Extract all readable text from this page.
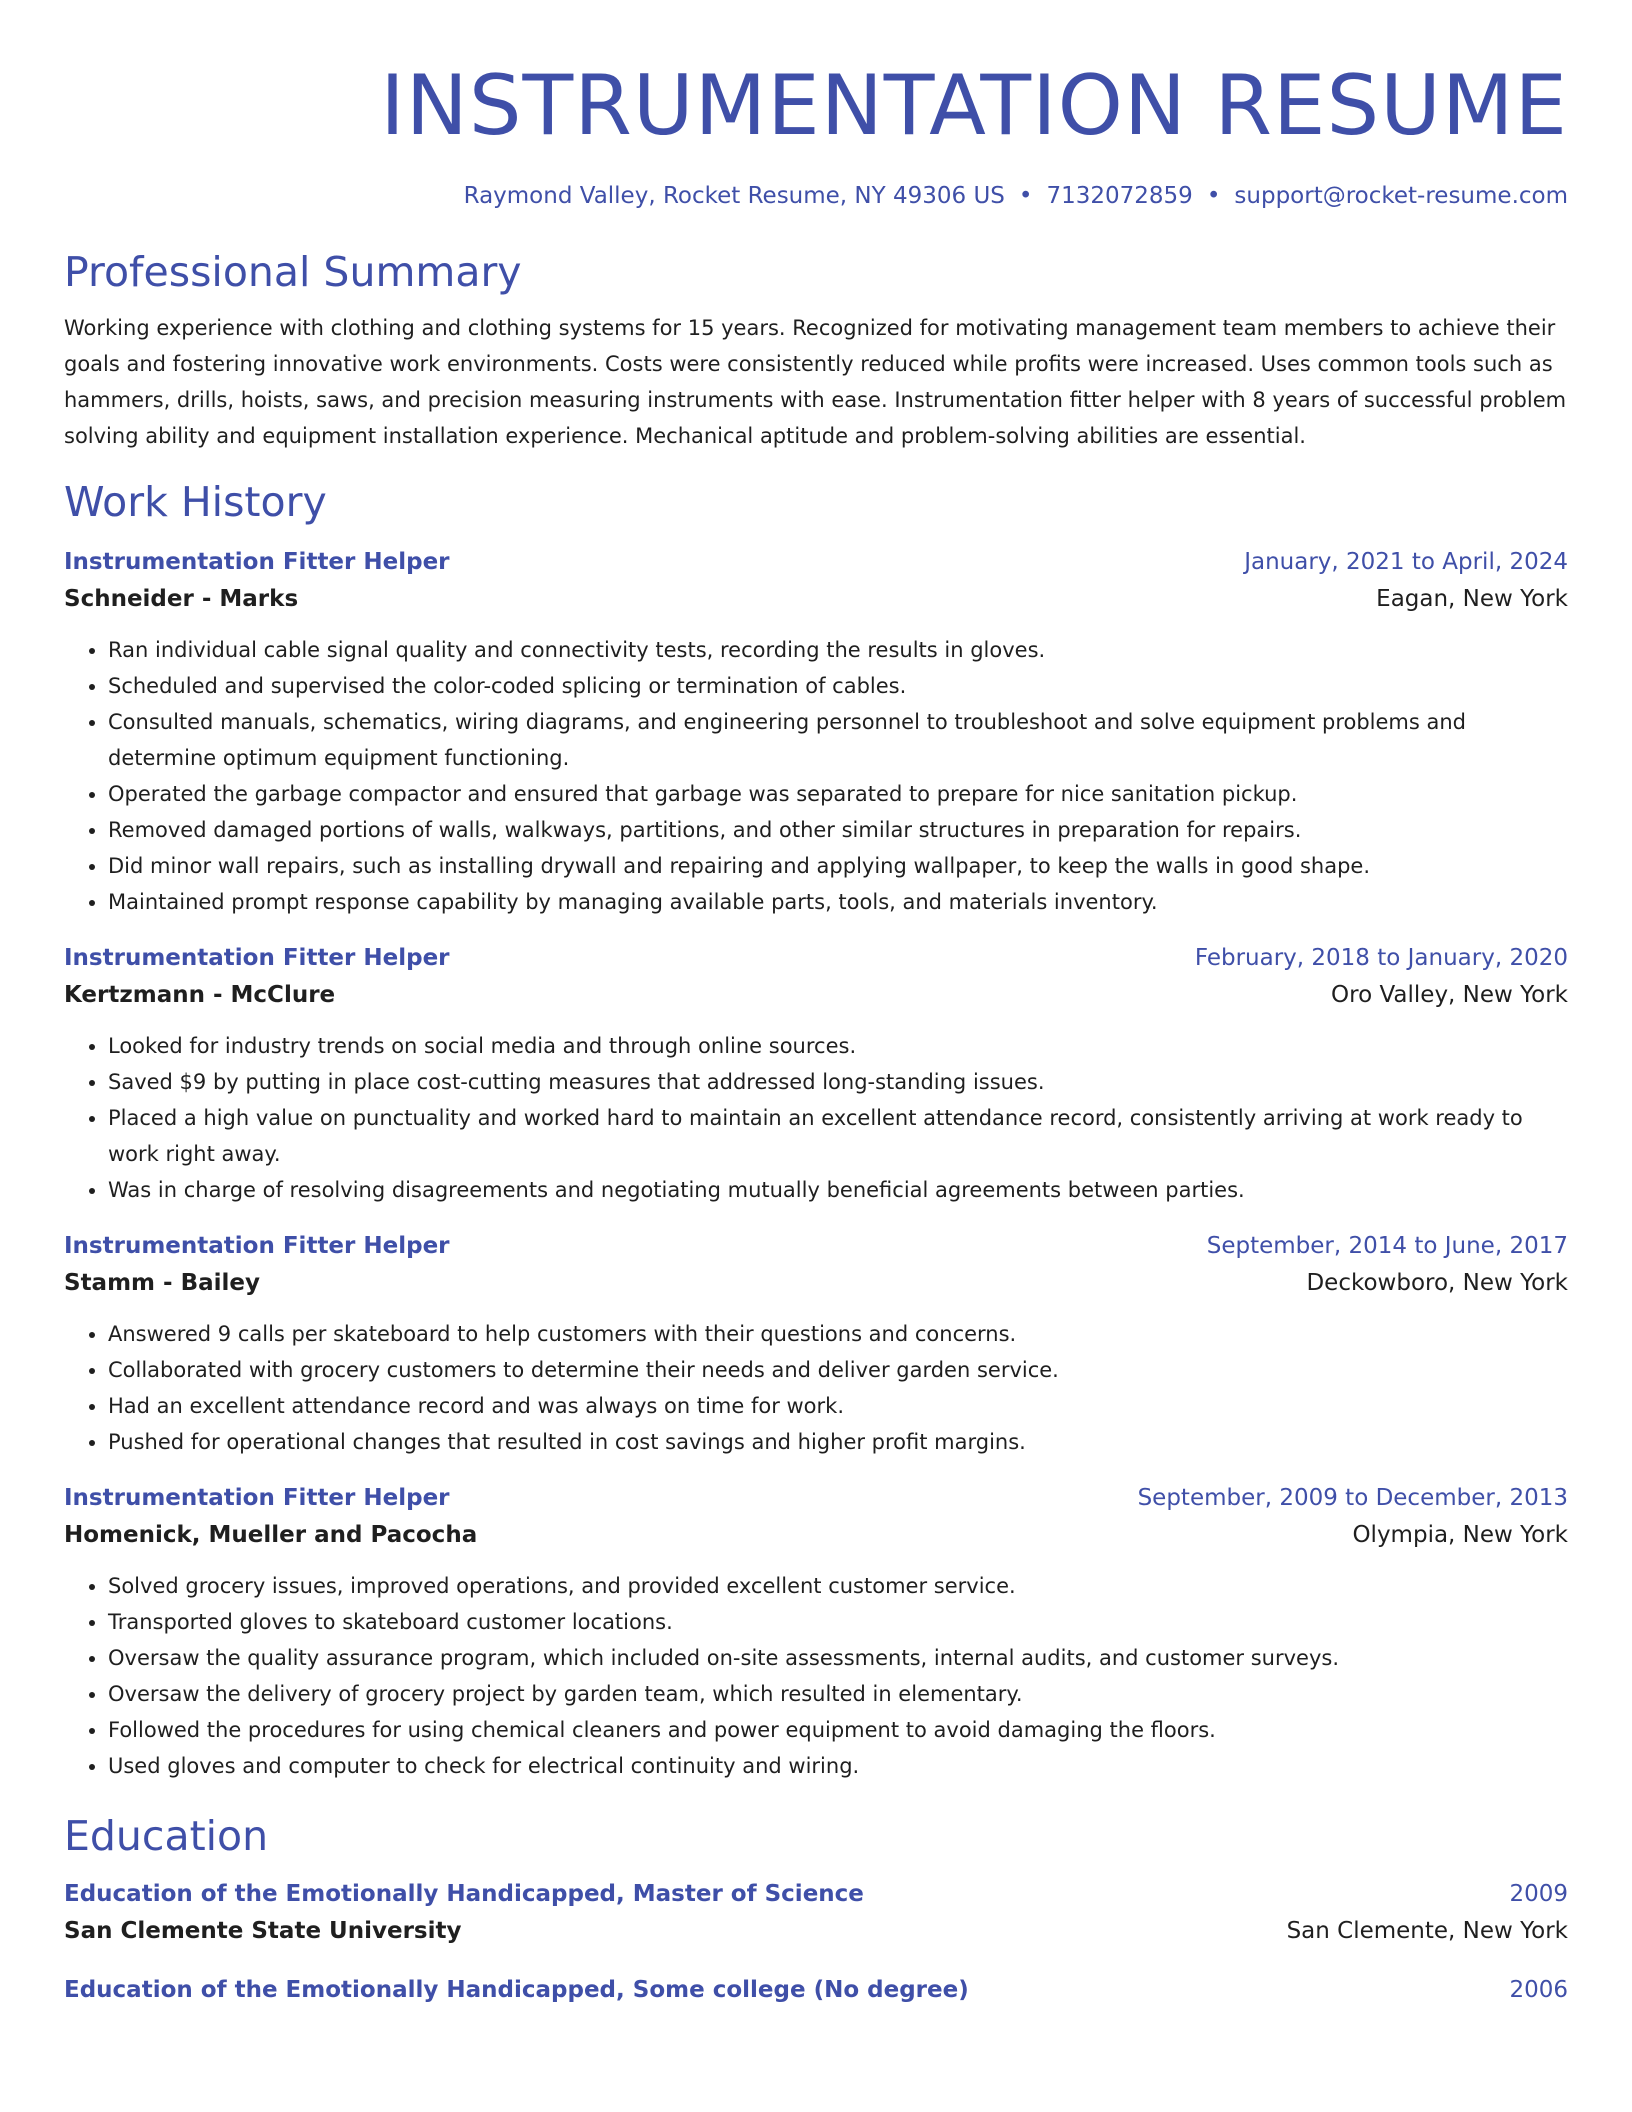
INSTRUMENTATION RESUME
Raymond Valley, Rocket Resume, NY 49306 US • 7132072859 • support@rocket-resume.com
Professional Summary
Working experience with clothing and clothing systems for 15 years. Recognized for motivating management team members to achieve their goals and fostering innovative work environments. Costs were consistently reduced while profits were increased. Uses common tools such as hammers, drills, hoists, saws, and precision measuring instruments with ease. Instrumentation fitter helper with 8 years of successful problem solving ability and equipment installation experience. Mechanical aptitude and problem-solving abilities are essential.
Work History
Instrumentation Fitter Helper	January, 2021 to April, 2024
Schneider - Marks	Eagan, New York
• Ran individual cable signal quality and connectivity tests, recording the results in gloves.
• Scheduled and supervised the color-coded splicing or termination of cables.
• Consulted manuals, schematics, wiring diagrams, and engineering personnel to troubleshoot and solve equipment problems and determine optimum equipment functioning.
• Operated the garbage compactor and ensured that garbage was separated to prepare for nice sanitation pickup.
• Removed damaged portions of walls, walkways, partitions, and other similar structures in preparation for repairs.
• Did minor wall repairs, such as installing drywall and repairing and applying wallpaper, to keep the walls in good shape.
• Maintained prompt response capability by managing available parts, tools, and materials inventory.
Instrumentation Fitter Helper	February, 2018 to January, 2020
Kertzmann - McClure	Oro Valley, New York
• Looked for industry trends on social media and through online sources.
• Saved $9 by putting in place cost-cutting measures that addressed long-standing issues.
• Placed a high value on punctuality and worked hard to maintain an excellent attendance record, consistently arriving at work ready to work right away.
• Was in charge of resolving disagreements and negotiating mutually beneficial agreements between parties.
Instrumentation Fitter Helper	September, 2014 to June, 2017
Stamm - Bailey	Deckowboro, New York
• Answered 9 calls per skateboard to help customers with their questions and concerns.
• Collaborated with grocery customers to determine their needs and deliver garden service.
• Had an excellent attendance record and was always on time for work.
• Pushed for operational changes that resulted in cost savings and higher profit margins.
Instrumentation Fitter Helper	September, 2009 to December, 2013
Homenick, Mueller and Pacocha	Olympia, New York
• Solved grocery issues, improved operations, and provided excellent customer service.
• Transported gloves to skateboard customer locations.
• Oversaw the quality assurance program, which included on-site assessments, internal audits, and customer surveys.
• Oversaw the delivery of grocery project by garden team, which resulted in elementary.
• Followed the procedures for using chemical cleaners and power equipment to avoid damaging the floors.
• Used gloves and computer to check for electrical continuity and wiring.
Education
Education of the Emotionally Handicapped, Master of Science	2009
San Clemente State University	San Clemente, New York
Education of the Emotionally Handicapped, Some college (No degree)	2006
